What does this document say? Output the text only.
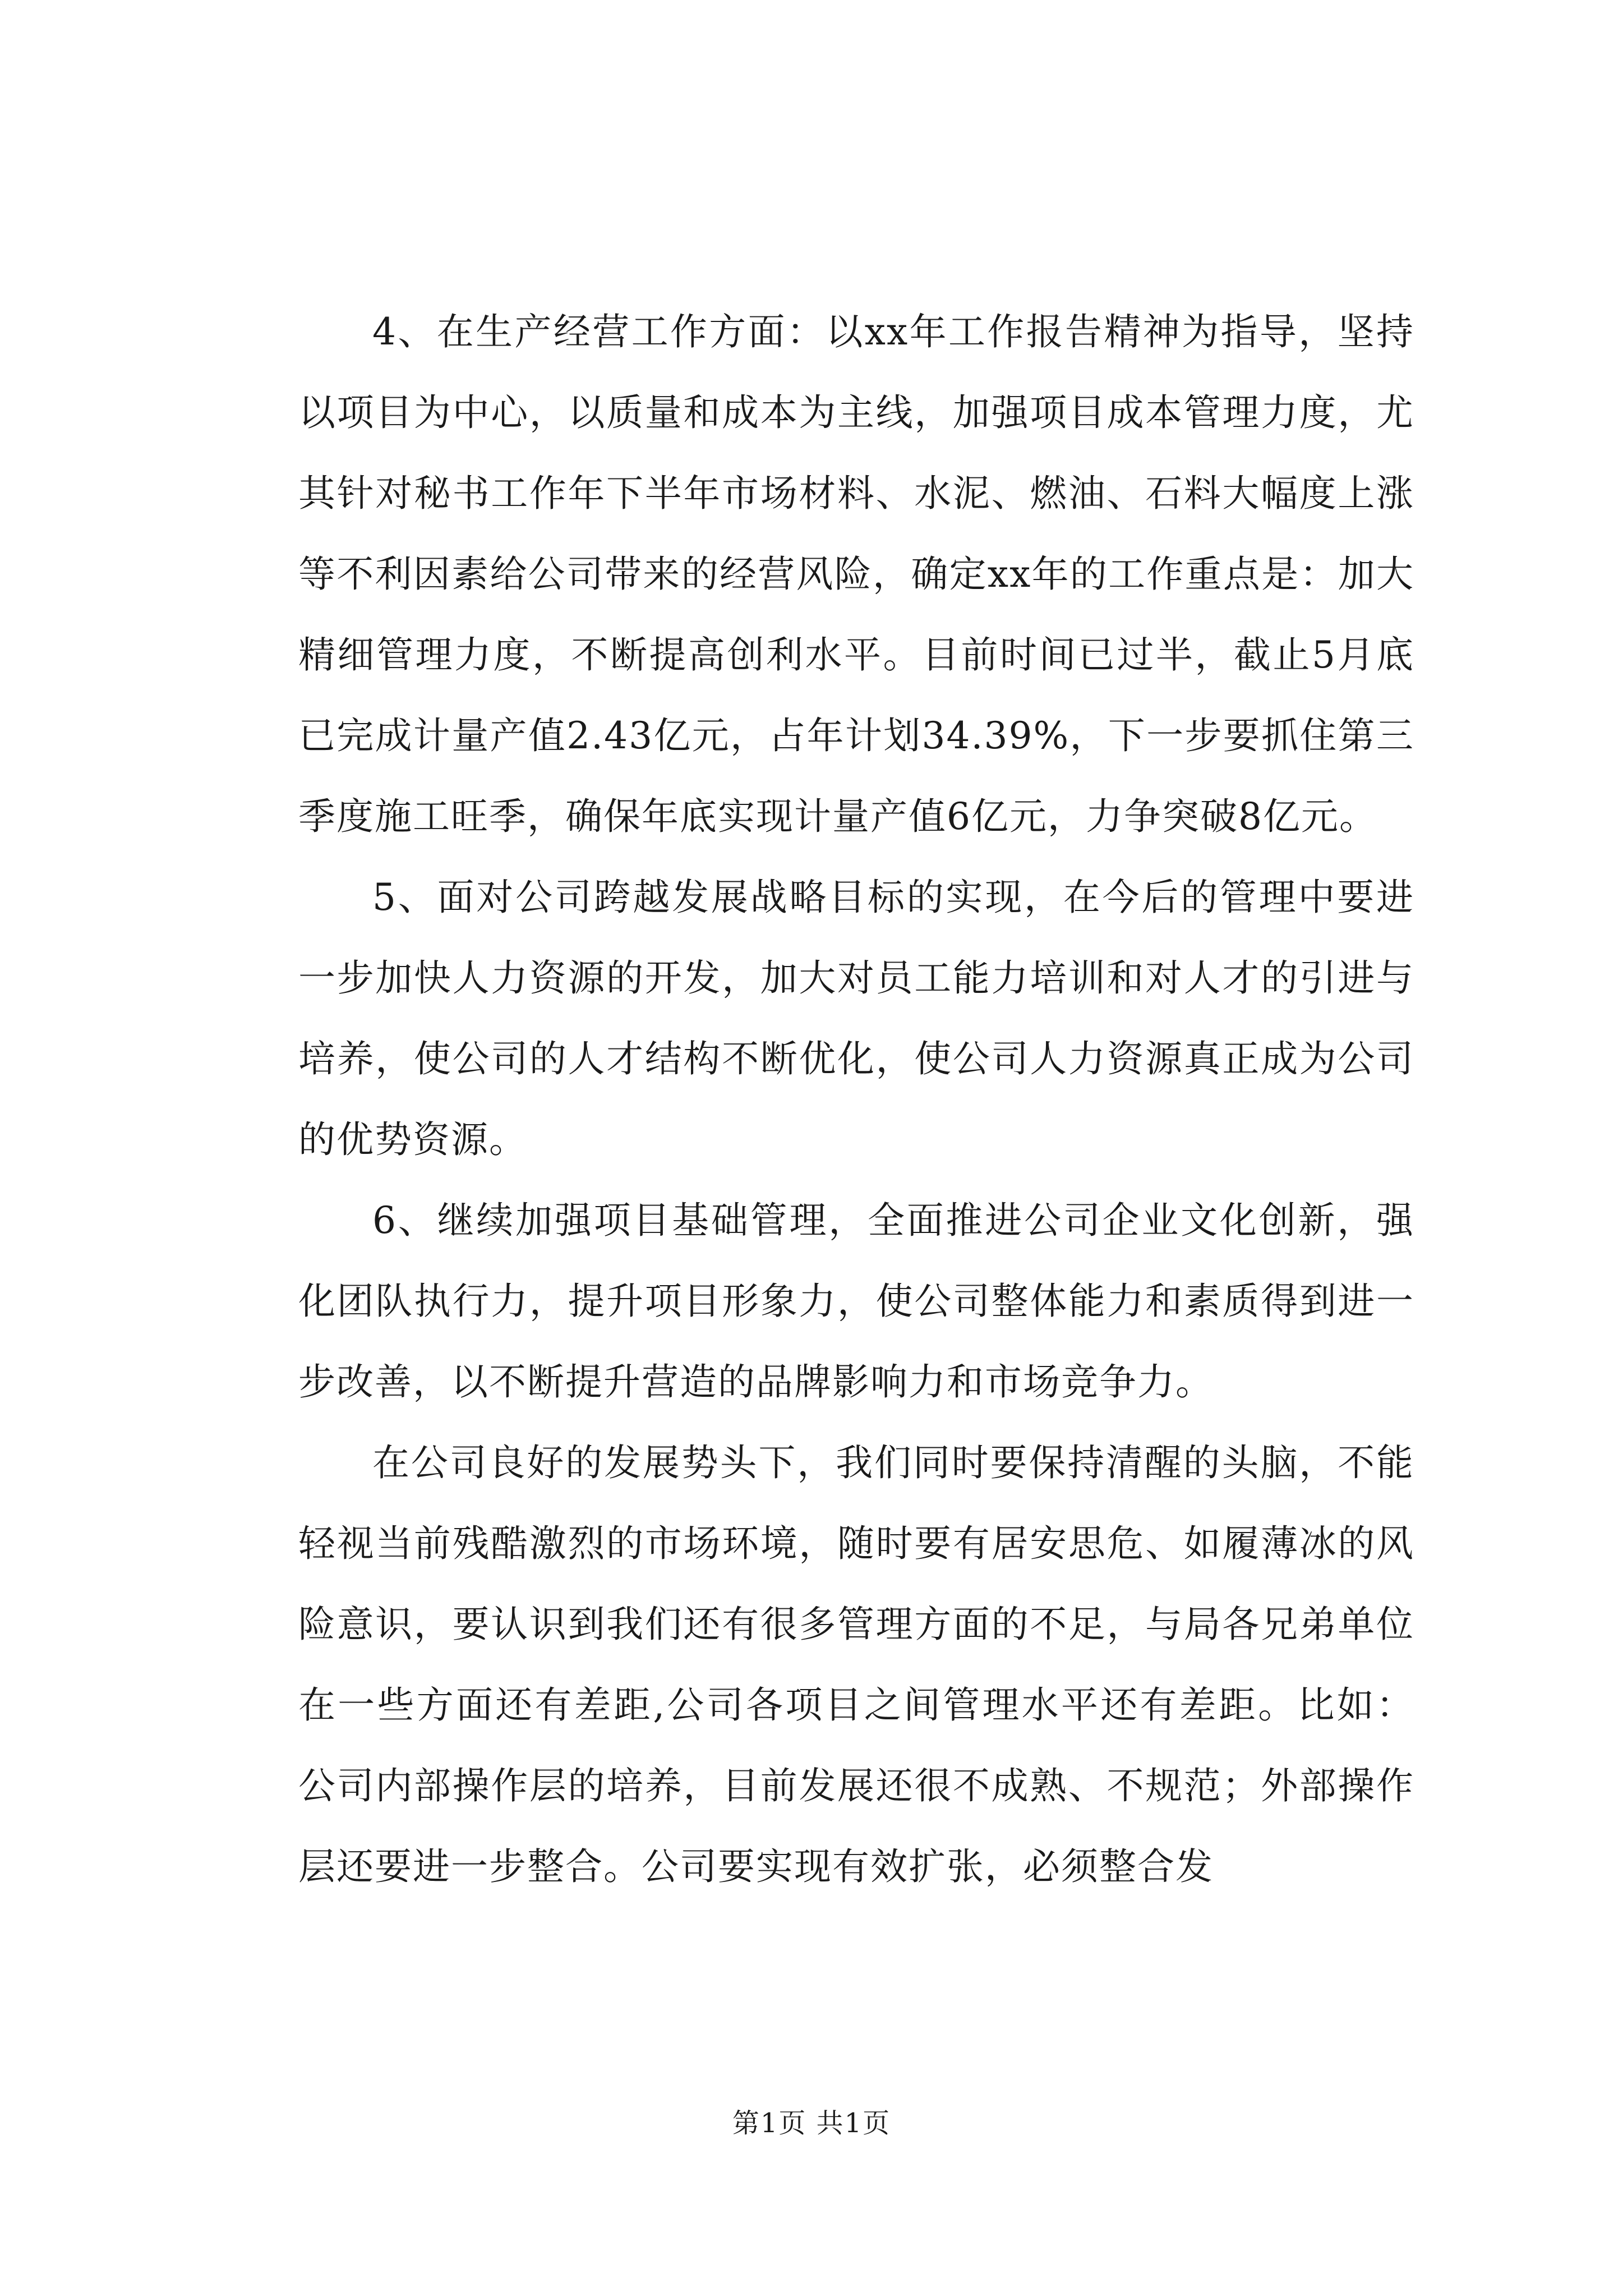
4、在生产经营工作方面：以xx年工作报告精神为指导，坚持以项目为中心，以质量和成本为主线，加强项目成本管理力度，尤其针对秘书工作年下半年市场材料、水泥、燃油、石料大幅度上涨等不利因素给公司带来的经营风险，确定xx年的工作重点是：加大精细管理力度，不断提高创利水平。目前时间已过半，截止5月底已完成计量产值2.43亿元，占年计划34.39%，下一步要抓住第三季度施工旺季，确保年底实现计量产值6亿元，力争突破8亿元。

5、面对公司跨越发展战略目标的实现，在今后的管理中要进一步加快人力资源的开发，加大对员工能力培训和对人才的引进与培养，使公司的人才结构不断优化，使公司人力资源真正成为公司的优势资源。

6、继续加强项目基础管理，全面推进公司企业文化创新，强化团队执行力，提升项目形象力，使公司整体能力和素质得到进一步改善，以不断提升营造的品牌影响力和市场竞争力。

在公司良好的发展势头下，我们同时要保持清醒的头脑，不能轻视当前残酷激烈的市场环境，随时要有居安思危、如履薄冰的风险意识，要认识到我们还有很多管理方面的不足，与局各兄弟单位在一些方面还有差距,公司各项目之间管理水平还有差距。比如：公司内部操作层的培养，目前发展还很不成熟、不规范；外部操作层还要进一步整合。公司要实现有效扩张，必须整合发

第1页 共1页
